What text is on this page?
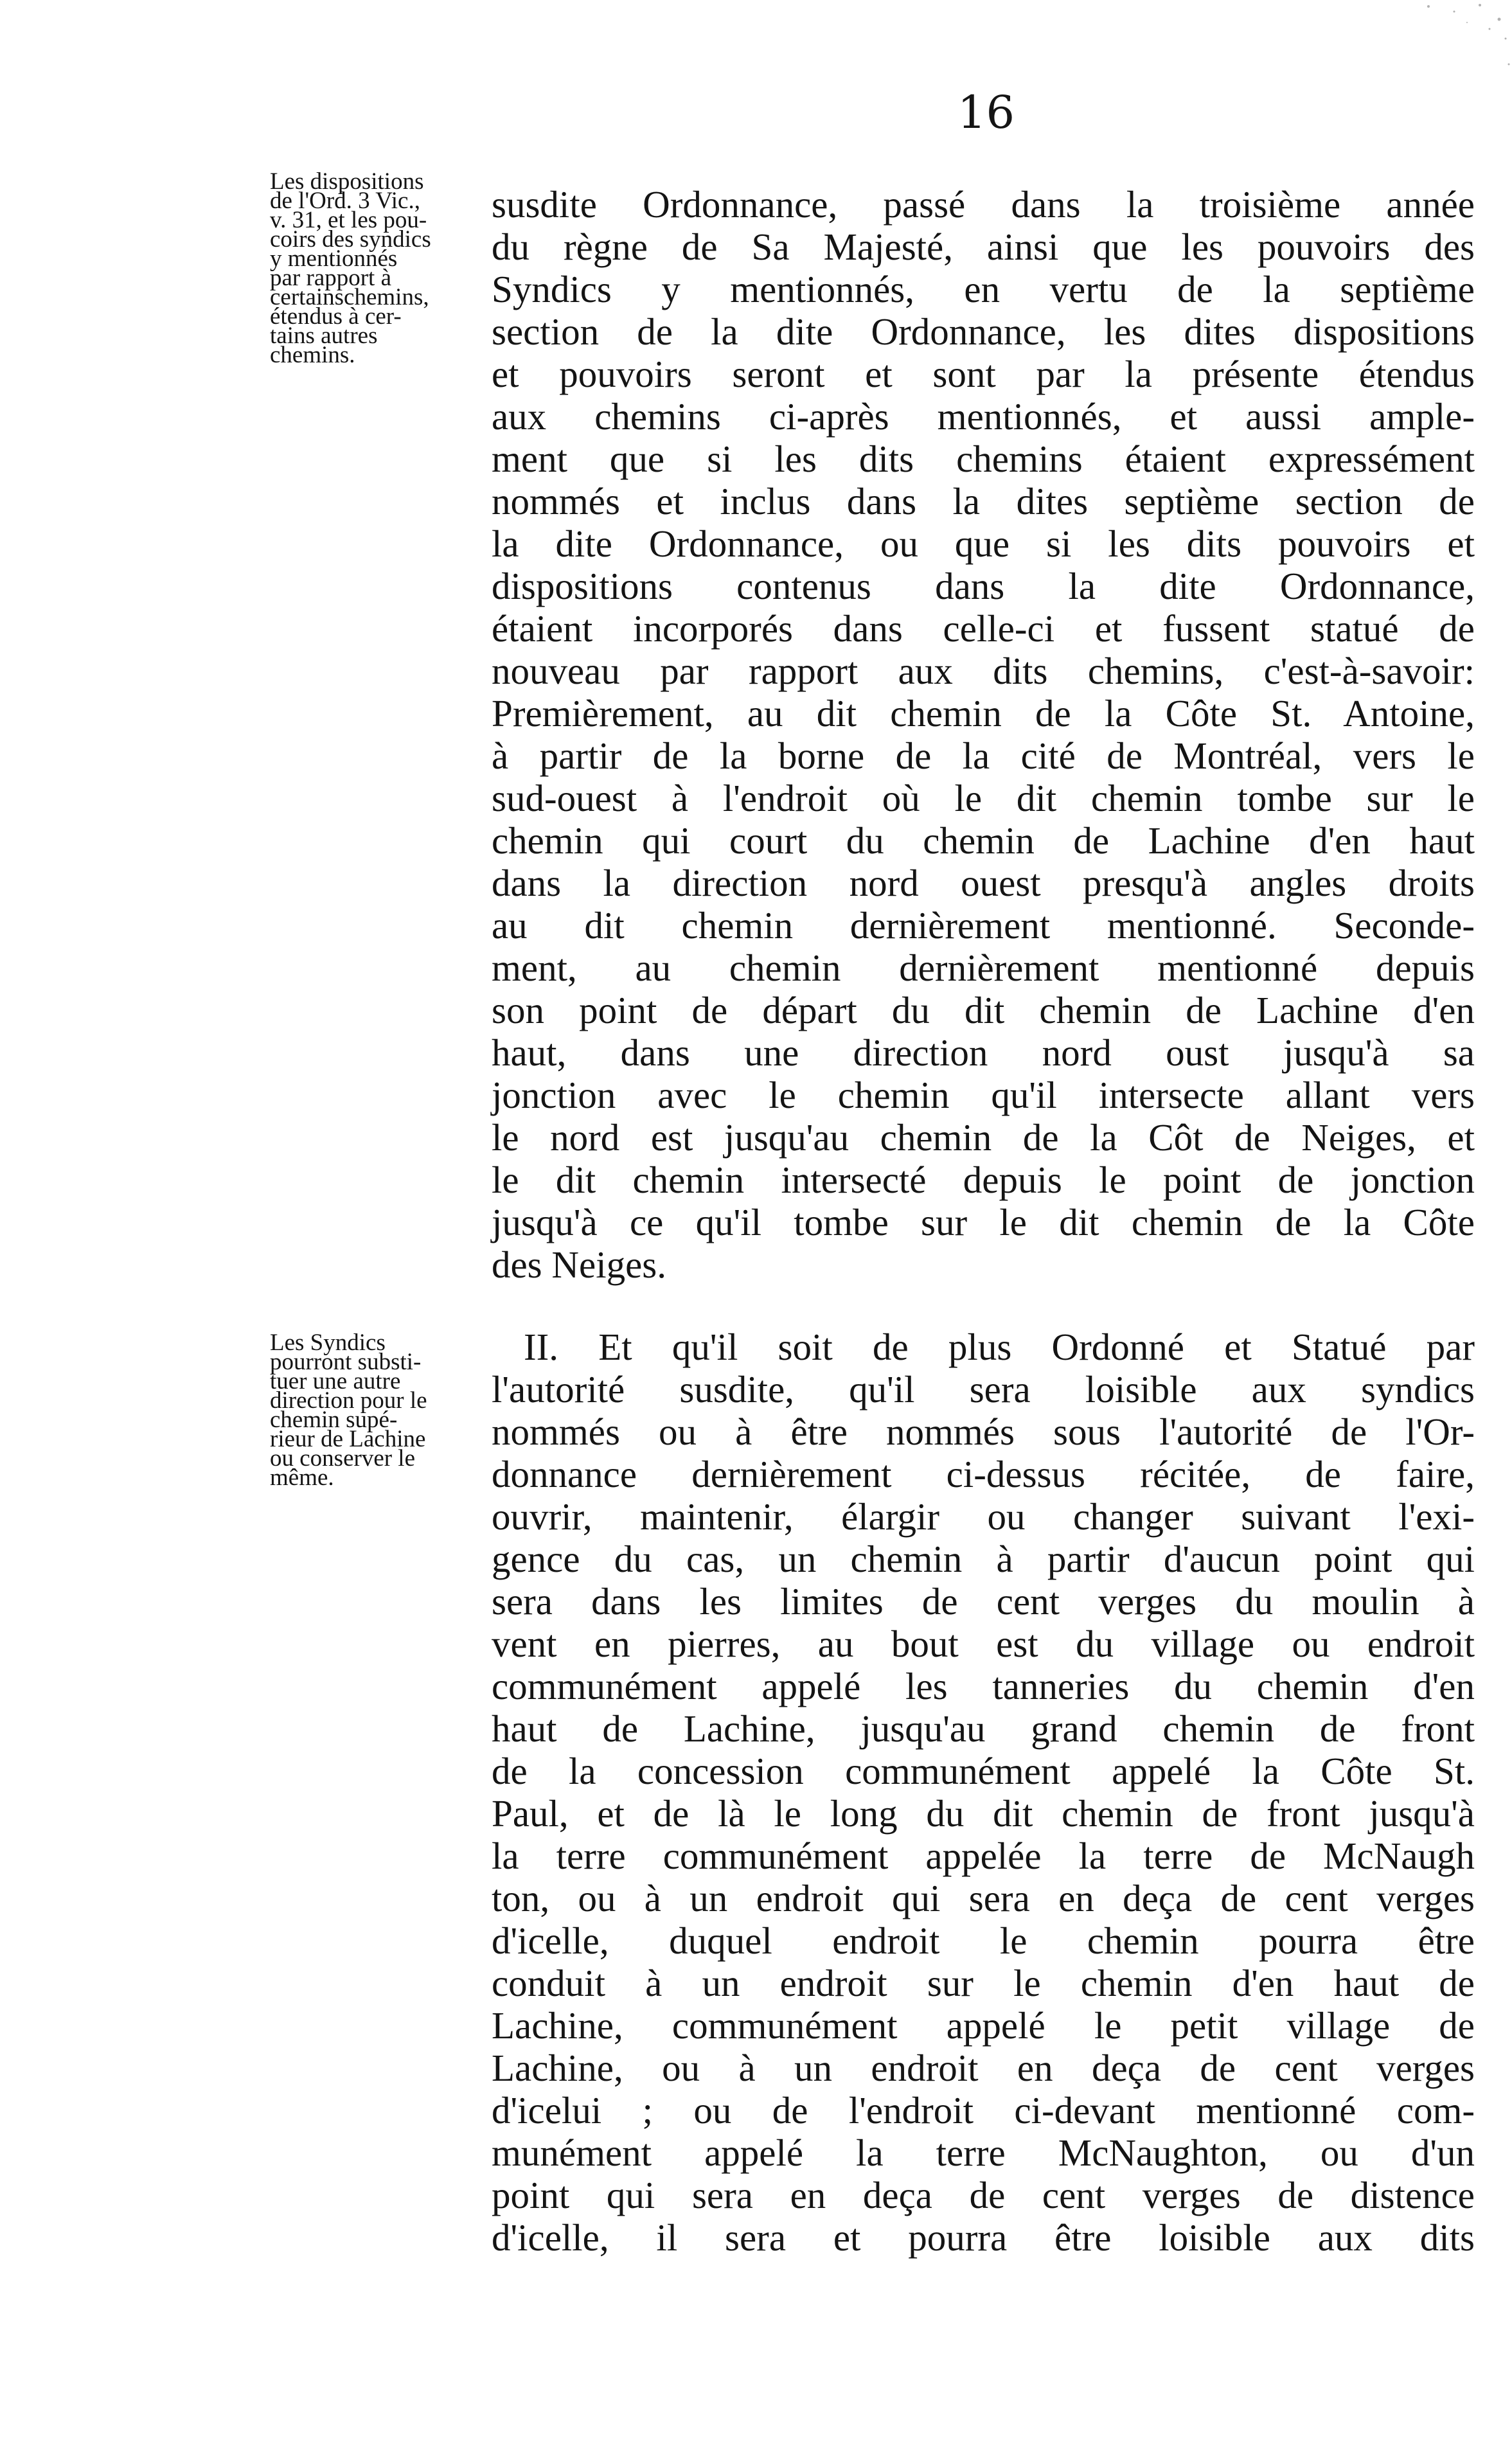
16
Les dispositions
de l'Ord. 3 Vic.,
v. 31, et les pou-
coirs des syndics
y mentionnés
par rapport à
certainschemins,
étendus à cer-
tains autres
chemins.
susdite Ordonnance, passé dans la troisième année
du règne de Sa Majesté, ainsi que les pouvoirs des
Syndics y mentionnés, en vertu de la septième
section de la dite Ordonnance, les dites dispositions
et pouvoirs seront et sont par la présente étendus
aux chemins ci-après mentionnés, et aussi ample-
ment que si les dits chemins étaient expressément
nommés et inclus dans la dites septième section de
la dite Ordonnance, ou que si les dits pouvoirs et
dispositions contenus dans la dite Ordonnance,
étaient incorporés dans celle-ci et fussent statué de
nouveau par rapport aux dits chemins, c'est-à-savoir:
Premièrement, au dit chemin de la Côte St. Antoine,
à partir de la borne de la cité de Montréal, vers le
sud-ouest à l'endroit où le dit chemin tombe sur le
chemin qui court du chemin de Lachine d'en haut
dans la direction nord ouest presqu'à angles droits
au dit chemin dernièrement mentionné. Seconde-
ment, au chemin dernièrement mentionné depuis
son point de départ du dit chemin de Lachine d'en
haut, dans une direction nord oust jusqu'à sa
jonction avec le chemin qu'il intersecte allant vers
le nord est jusqu'au chemin de la Côt de Neiges, et
le dit chemin intersecté depuis le point de jonction
jusqu'à ce qu'il tombe sur le dit chemin de la Côte
des Neiges.
Les Syndics
pourront substi-
tuer une autre
direction pour le
chemin supé-
rieur de Lachine
ou conserver le
même.
II. Et qu'il soit de plus Ordonné et Statué par
l'autorité susdite, qu'il sera loisible aux syndics
nommés ou à être nommés sous l'autorité de l'Or-
donnance dernièrement ci-dessus récitée, de faire,
ouvrir, maintenir, élargir ou changer suivant l'exi-
gence du cas, un chemin à partir d'aucun point qui
sera dans les limites de cent verges du moulin à
vent en pierres, au bout est du village ou endroit
communément appelé les tanneries du chemin d'en
haut de Lachine, jusqu'au grand chemin de front
de la concession communément appelé la Côte St.
Paul, et de là le long du dit chemin de front jusqu'à
la terre communément appelée la terre de McNaugh
ton, ou à un endroit qui sera en deça de cent verges
d'icelle, duquel endroit le chemin pourra être
conduit à un endroit sur le chemin d'en haut de
Lachine, communément appelé le petit village de
Lachine, ou à un endroit en deça de cent verges
d'icelui ; ou de l'endroit ci-devant mentionné com-
munément appelé la terre McNaughton, ou d'un
point qui sera en deça de cent verges de distence
d'icelle, il sera et pourra être loisible aux dits
